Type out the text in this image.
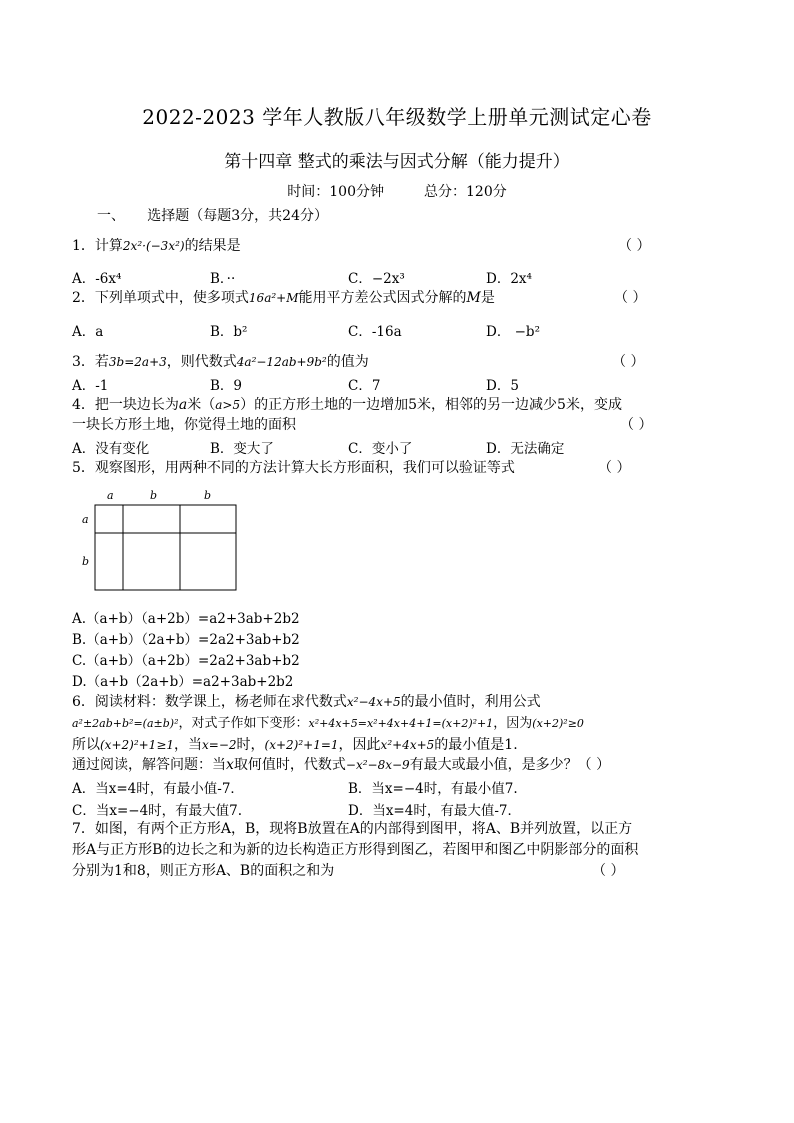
2022-2023 学年人教版八年级数学上册单元测试定心卷
第十四章 整式的乘法与因式分解（能力提升）
时间：100分钟	总分：120分
一、 选择题（每题3分，共24分）
1．计算2x²·(−3x²)的结果是	（ ）
A．-6x⁴	B．··	C．−2x³	D．2x⁴
2．下列单项式中，使多项式16a²+M能用平方差公式因式分解的M是	（ ）
A．a	B．b²	C．-16a	D． −b²
3．若3b=2a+3，则代数式4a²−12ab+9b²的值为	（ ）
A．-1	B．9	C．7	D．5
4．把一块边长为a米（a>5）的正方形土地的一边增加5米，相邻的另一边减少5米，变成
一块长方形土地，你觉得土地的面积	（ ）
A．没有变化	B．变大了	C．变小了	D．无法确定
5．观察图形，用两种不同的方法计算大长方形面积，我们可以验证等式	（ ）
a	b	b
a
b
A.（a+b）（a+2b）=a2+3ab+2b2
B.（a+b）（2a+b）=2a2+3ab+b2
C.（a+b）（a+2b）=2a2+3ab+b2
D.（a+b（2a+b）=a2+3ab+2b2
6．阅读材料：数学课上，杨老师在求代数式x²−4x+5的最小值时，利用公式
a²±2ab+b²=(a±b)²，对式子作如下变形：x²+4x+5=x²+4x+4+1=(x+2)²+1，因为(x+2)²≥0
所以(x+2)²+1≥1，当x=−2时，(x+2)²+1=1，因此x²+4x+5的最小值是1.
通过阅读，解答问题：当x取何值时，代数式−x²−8x−9有最大或最小值，是多少？（ ）
A．当x=4时，有最小值-7．	B．当x=−4时，有最小值7.
C．当x=−4时，有最大值7.	D．当x=4时，有最大值-7．
7．如图，有两个正方形A，B，现将B放置在A的内部得到图甲，将A、B并列放置，以正方
形A与正方形B的边长之和为新的边长构造正方形得到图乙，若图甲和图乙中阴影部分的面积
分别为1和8，则正方形A、B的面积之和为	（ ）
